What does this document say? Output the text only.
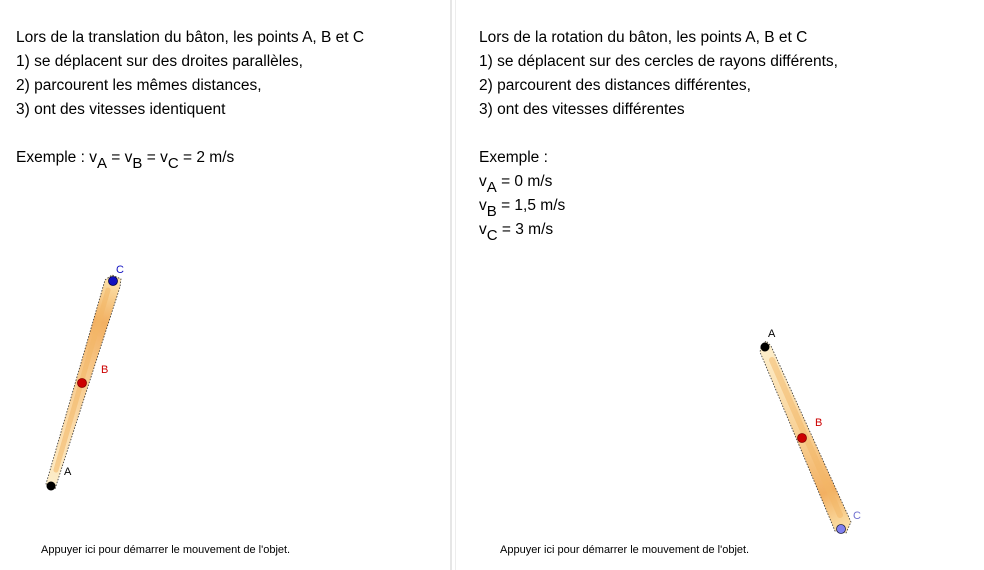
Lors de la translation du bâton, les points A, B et C
1) se déplacent sur des droites parallèles,
2) parcourent les mêmes distances,
3) ont des vitesses identiquent
Exemple : $v_A = v_B = v_C = 2$ m/s
Appuyer ici pour démarrer le mouvement de l'objet.
Lors de la rotation du bâton, les points A, B et C
1) se déplacent sur des cercles de rayons différents,
2) parcourent des distances différentes,
3) ont des vitesses différentes
Exemple :
$v_A = 0$ m/s
$v_B = 1,5$ m/s
$v_C = 3$ m/s
Appuyer ici pour démarrer le mouvement de l'objet.
A
B
C
A
B
C
